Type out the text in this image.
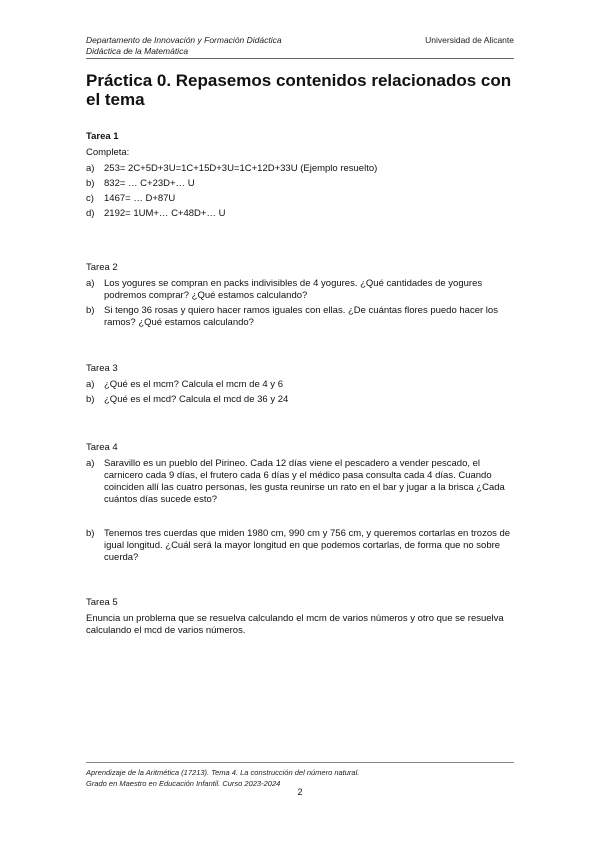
Departamento de Innovación y Formación Didáctica
Didáctica de la Matemática
Universidad de Alicante
Práctica 0. Repasemos contenidos relacionados con el tema
Tarea 1
Completa:
a)	253= 2C+5D+3U=1C+15D+3U=1C+12D+33U (Ejemplo resuelto)
b)	832= … C+23D+… U
c)	1467= … D+87U
d)	2192= 1UM+… C+48D+… U
Tarea 2
a)	Los yogures se compran en packs indivisibles de 4 yogures. ¿Qué cantidades de yogures podremos comprar? ¿Qué estamos calculando?
b)	Si tengo 36 rosas y quiero hacer ramos iguales con ellas. ¿De cuántas flores puedo hacer los ramos? ¿Qué estamos calculando?
Tarea 3
a)	¿Qué es el mcm? Calcula el mcm de 4 y 6
b)	¿Qué es el mcd? Calcula el mcd de 36 y 24
Tarea 4
a)	Saravillo es un pueblo del Pirineo. Cada 12 días viene el pescadero a vender pescado, el carnicero cada 9 días, el frutero cada 6 días y el médico pasa consulta cada 4 días. Cuando coinciden allí las cuatro personas, les gusta reunirse un rato en el bar y jugar a la brisca ¿Cada cuántos días sucede esto?
b)	Tenemos tres cuerdas que miden 1980 cm, 990 cm y 756 cm, y queremos cortarlas en trozos de igual longitud. ¿Cuál será la mayor longitud en que podemos cortarlas, de forma que no sobre cuerda?
Tarea 5
Enuncia un problema que se resuelva calculando el mcm de varios números y otro que se resuelva calculando el mcd de varios números.
Aprendizaje de la Aritmética (17213). Tema 4. La construcción del número natural.
Grado en Maestro en Educación Infantil. Curso 2023-2024
2
